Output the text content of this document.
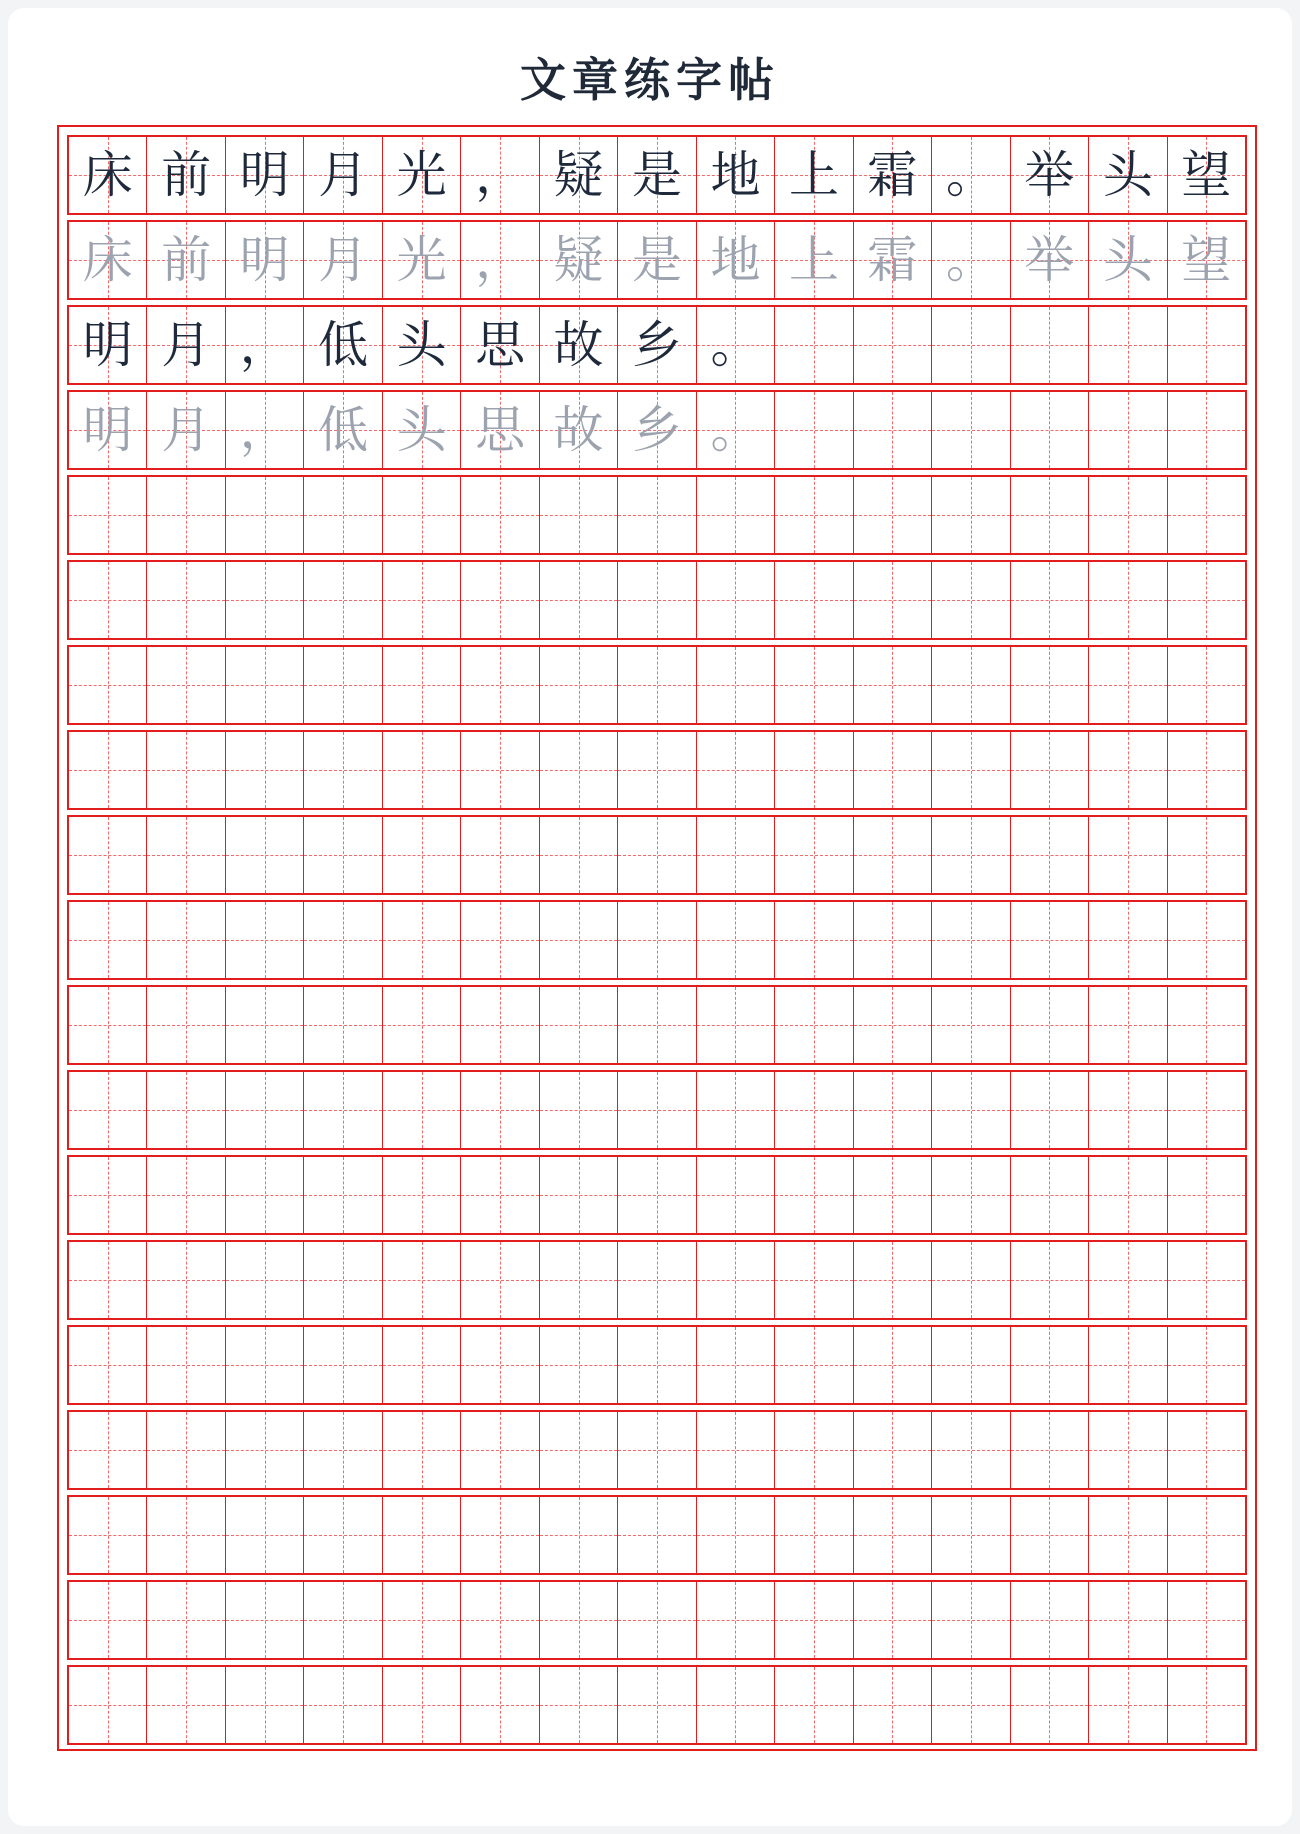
文章练字帖
床 前 明 月 光 ， 疑 是 地 上 霜 。 举 头 望
床 前 明 月 光 ， 疑 是 地 上 霜 。 举 头 望
明 月 ， 低 头 思 故 乡 。
明 月 ， 低 头 思 故 乡 。
